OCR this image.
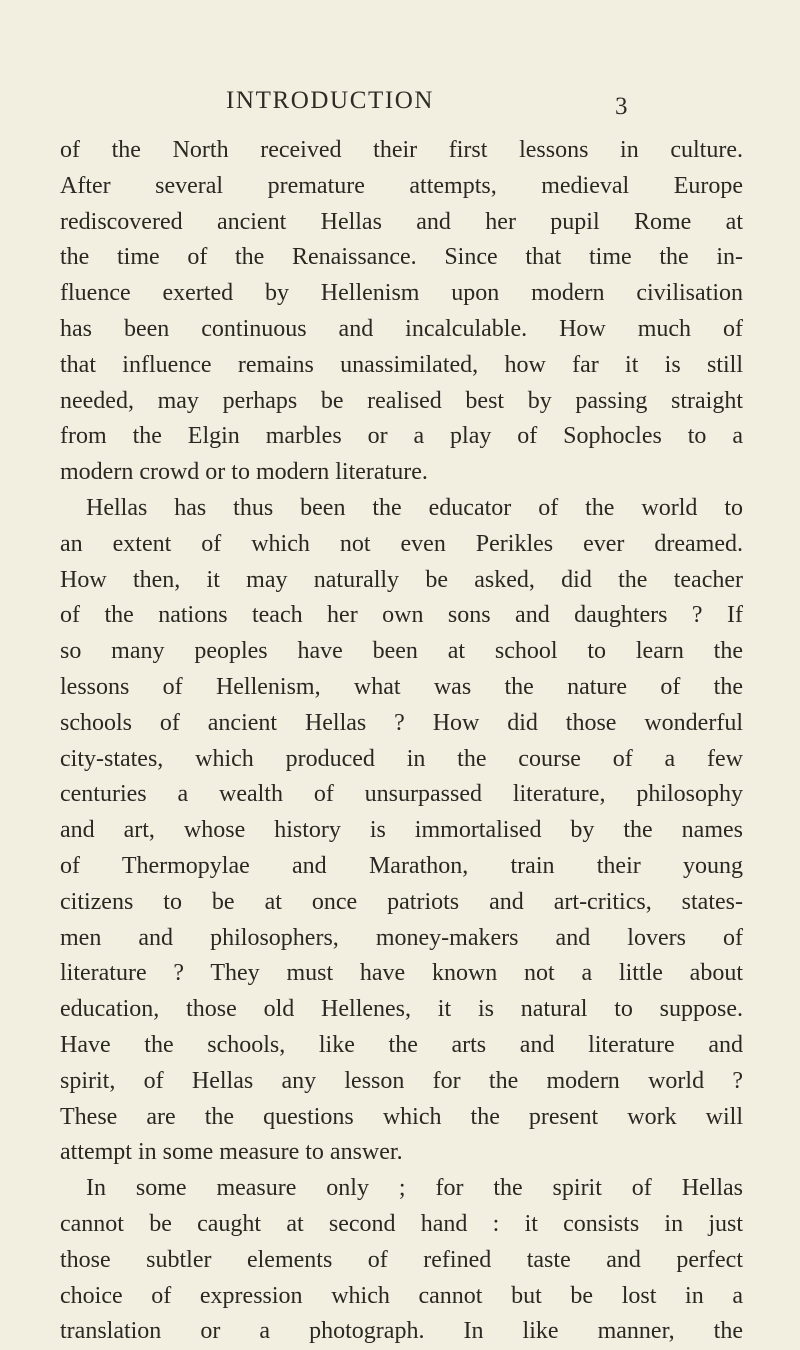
INTRODUCTION	3
of the North received their first lessons in culture.
After several premature attempts, medieval Europe
rediscovered ancient Hellas and her pupil Rome at
the time of the Renaissance. Since that time the in-
fluence exerted by Hellenism upon modern civilisation
has been continuous and incalculable. How much of
that influence remains unassimilated, how far it is still
needed, may perhaps be realised best by passing straight
from the Elgin marbles or a play of Sophocles to a
modern crowd or to modern literature.
Hellas has thus been the educator of the world to
an extent of which not even Perikles ever dreamed.
How then, it may naturally be asked, did the teacher
of the nations teach her own sons and daughters ? If
so many peoples have been at school to learn the
lessons of Hellenism, what was the nature of the
schools of ancient Hellas ? How did those wonderful
city-states, which produced in the course of a few
centuries a wealth of unsurpassed literature, philosophy
and art, whose history is immortalised by the names
of Thermopylae and Marathon, train their young
citizens to be at once patriots and art-critics, states-
men and philosophers, money-makers and lovers of
literature ? They must have known not a little about
education, those old Hellenes, it is natural to suppose.
Have the schools, like the arts and literature and
spirit, of Hellas any lesson for the modern world ?
These are the questions which the present work will
attempt in some measure to answer.
In some measure only ; for the spirit of Hellas
cannot be caught at second hand : it consists in just
those subtler elements of refined taste and perfect
choice of expression which cannot but be lost in a
translation or a photograph. In like manner, the
